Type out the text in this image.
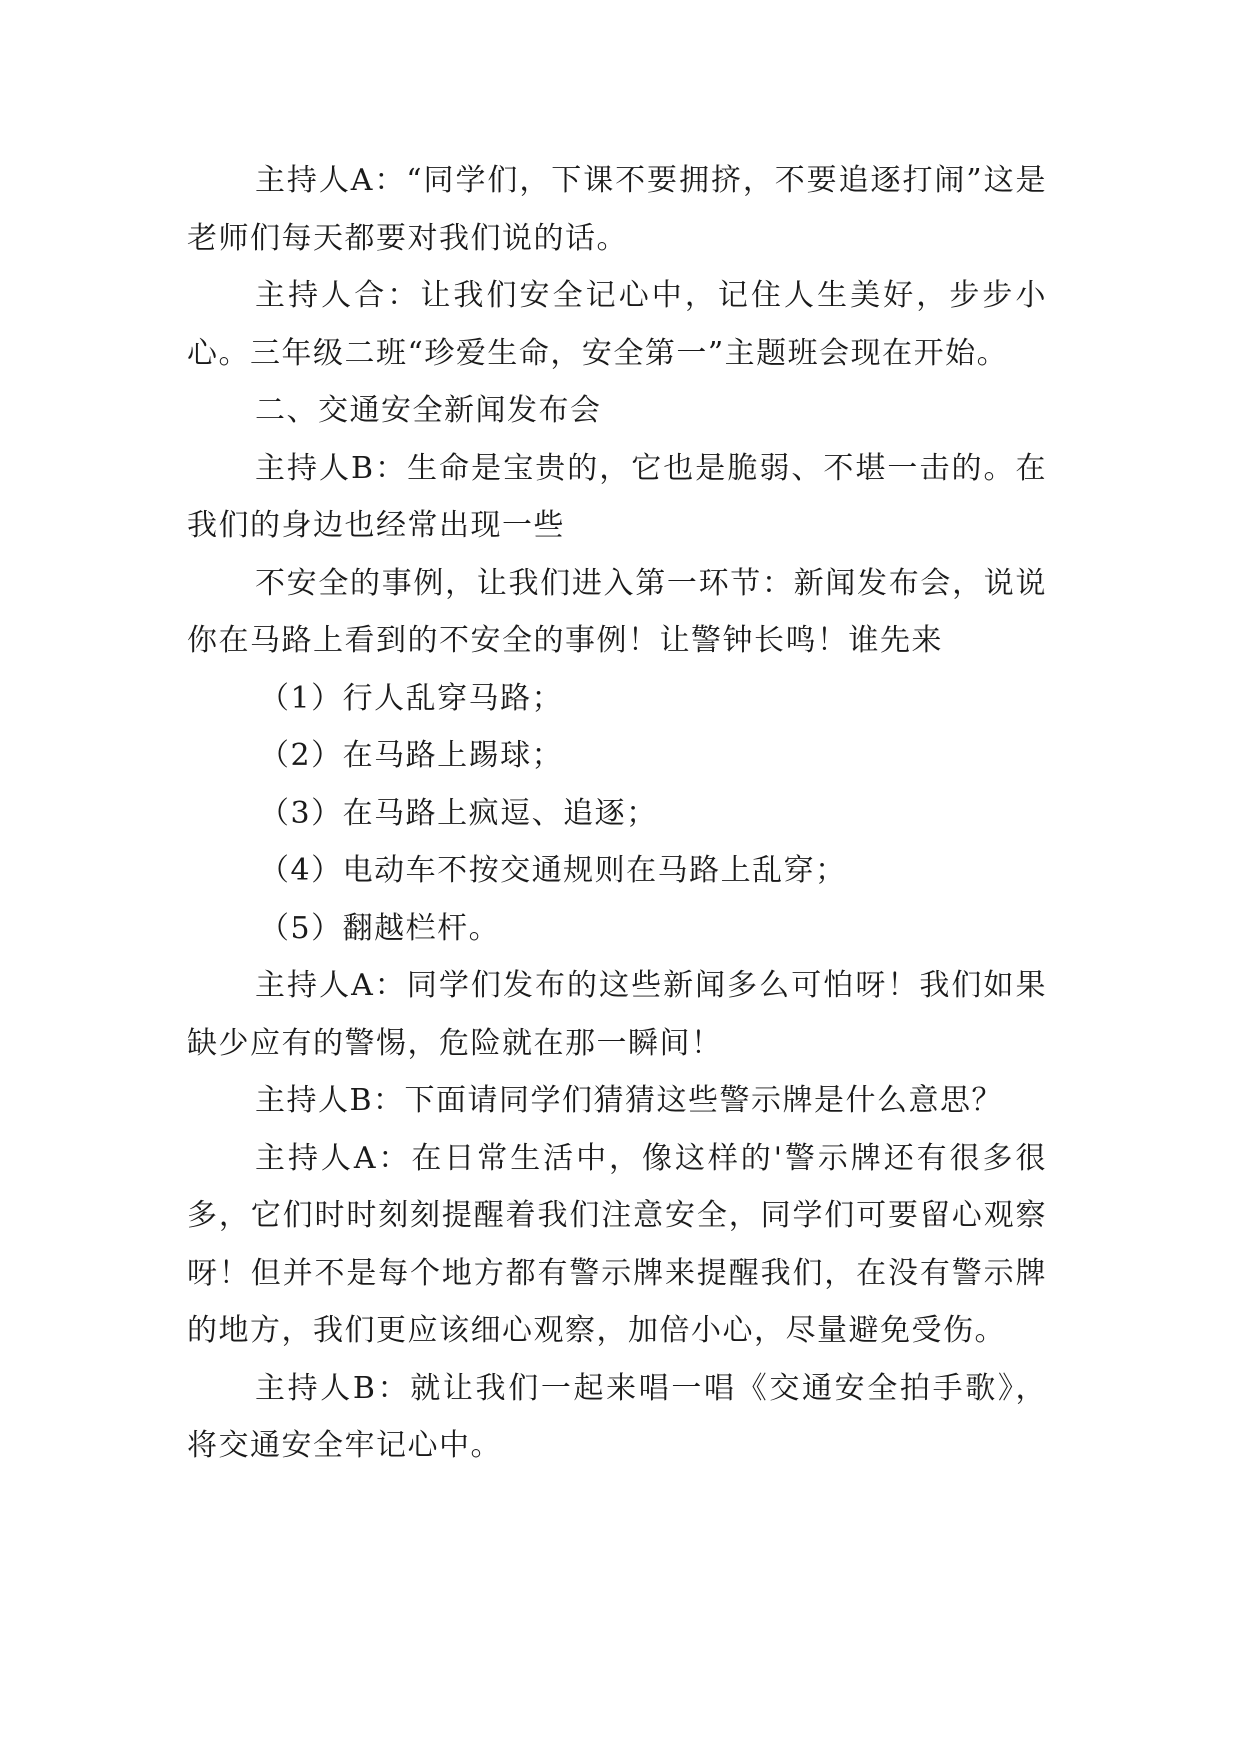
主持人A：“同学们，下课不要拥挤，不要追逐打闹”这是老师们每天都要对我们说的话。

主持人合：让我们安全记心中，记住人生美好，步步小心。三年级二班“珍爱生命，安全第一”主题班会现在开始。

二、交通安全新闻发布会

主持人B：生命是宝贵的，它也是脆弱、不堪一击的。在我们的身边也经常出现一些

不安全的事例，让我们进入第一环节：新闻发布会，说说你在马路上看到的不安全的事例！让警钟长鸣！谁先来

（1）行人乱穿马路；

（2）在马路上踢球；

（3）在马路上疯逗、追逐；

（4）电动车不按交通规则在马路上乱穿；

（5）翻越栏杆。

主持人A：同学们发布的这些新闻多么可怕呀！我们如果缺少应有的警惕，危险就在那一瞬间！

主持人B：下面请同学们猜猜这些警示牌是什么意思？

主持人A：在日常生活中，像这样的'警示牌还有很多很多，它们时时刻刻提醒着我们注意安全，同学们可要留心观察呀！但并不是每个地方都有警示牌来提醒我们，在没有警示牌的地方，我们更应该细心观察，加倍小心，尽量避免受伤。

主持人B：就让我们一起来唱一唱《交通安全拍手歌》，将交通安全牢记心中。
